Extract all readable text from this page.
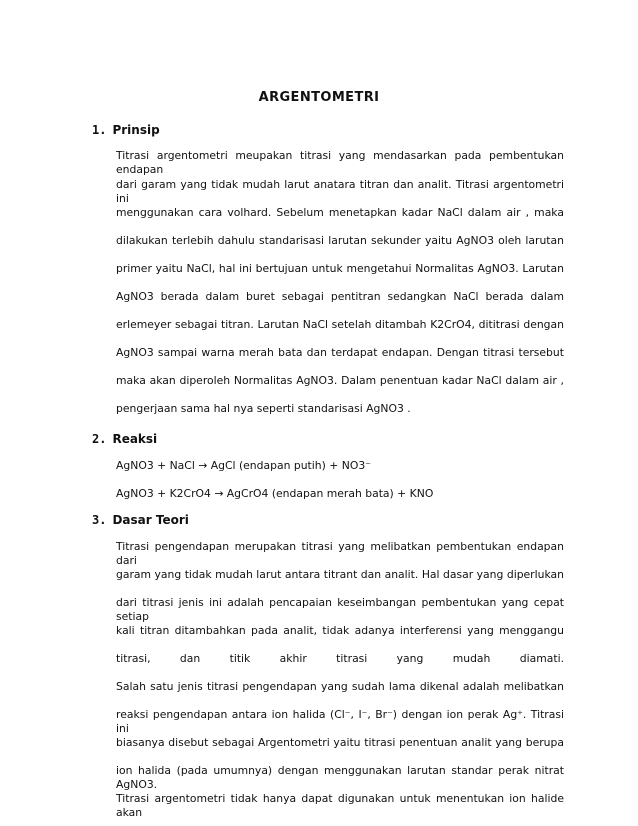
ARGENTOMETRI
1. Prinsip
Titrasi argentometri meupakan titrasi yang mendasarkan pada pembentukan endapan
dari garam yang tidak mudah larut anatara titran dan analit. Titrasi argentometri ini
menggunakan cara volhard. Sebelum menetapkan kadar NaCl dalam air , maka
dilakukan terlebih dahulu standarisasi larutan sekunder yaitu AgNO3 oleh larutan
primer yaitu NaCl, hal ini bertujuan untuk mengetahui Normalitas AgNO3. Larutan
AgNO3 berada dalam buret sebagai pentitran sedangkan NaCl berada dalam
erlemeyer sebagai titran. Larutan NaCl setelah ditambah K2CrO4, dititrasi dengan
AgNO3 sampai warna merah bata dan terdapat endapan. Dengan titrasi tersebut
maka akan diperoleh Normalitas AgNO3. Dalam penentuan kadar NaCl dalam air ,
pengerjaan sama hal nya seperti standarisasi AgNO3 .
2. Reaksi
AgNO3 + NaCl → AgCl (endapan putih) + NO3⁻
AgNO3 + K2CrO4 → AgCrO4 (endapan merah bata) + KNO
3. Dasar Teori
Titrasi pengendapan merupakan titrasi yang melibatkan pembentukan endapan dari
garam yang tidak mudah larut antara titrant dan analit. Hal dasar yang diperlukan
dari titrasi jenis ini adalah pencapaian keseimbangan pembentukan yang cepat setiap
kali titran ditambahkan pada analit, tidak adanya interferensi yang menggangu
titrasi, dan titik akhir titrasi yang mudah diamati.
Salah satu jenis titrasi pengendapan yang sudah lama dikenal adalah melibatkan
reaksi pengendapan antara ion halida (Cl⁻, I⁻, Br⁻) dengan ion perak Ag⁺. Titrasi ini
biasanya disebut sebagai Argentometri yaitu titrasi penentuan analit yang berupa
ion halida (pada umumnya) dengan menggunakan larutan standar perak nitrat AgNO3.
Titrasi argentometri tidak hanya dapat digunakan untuk menentukan ion halide akan
